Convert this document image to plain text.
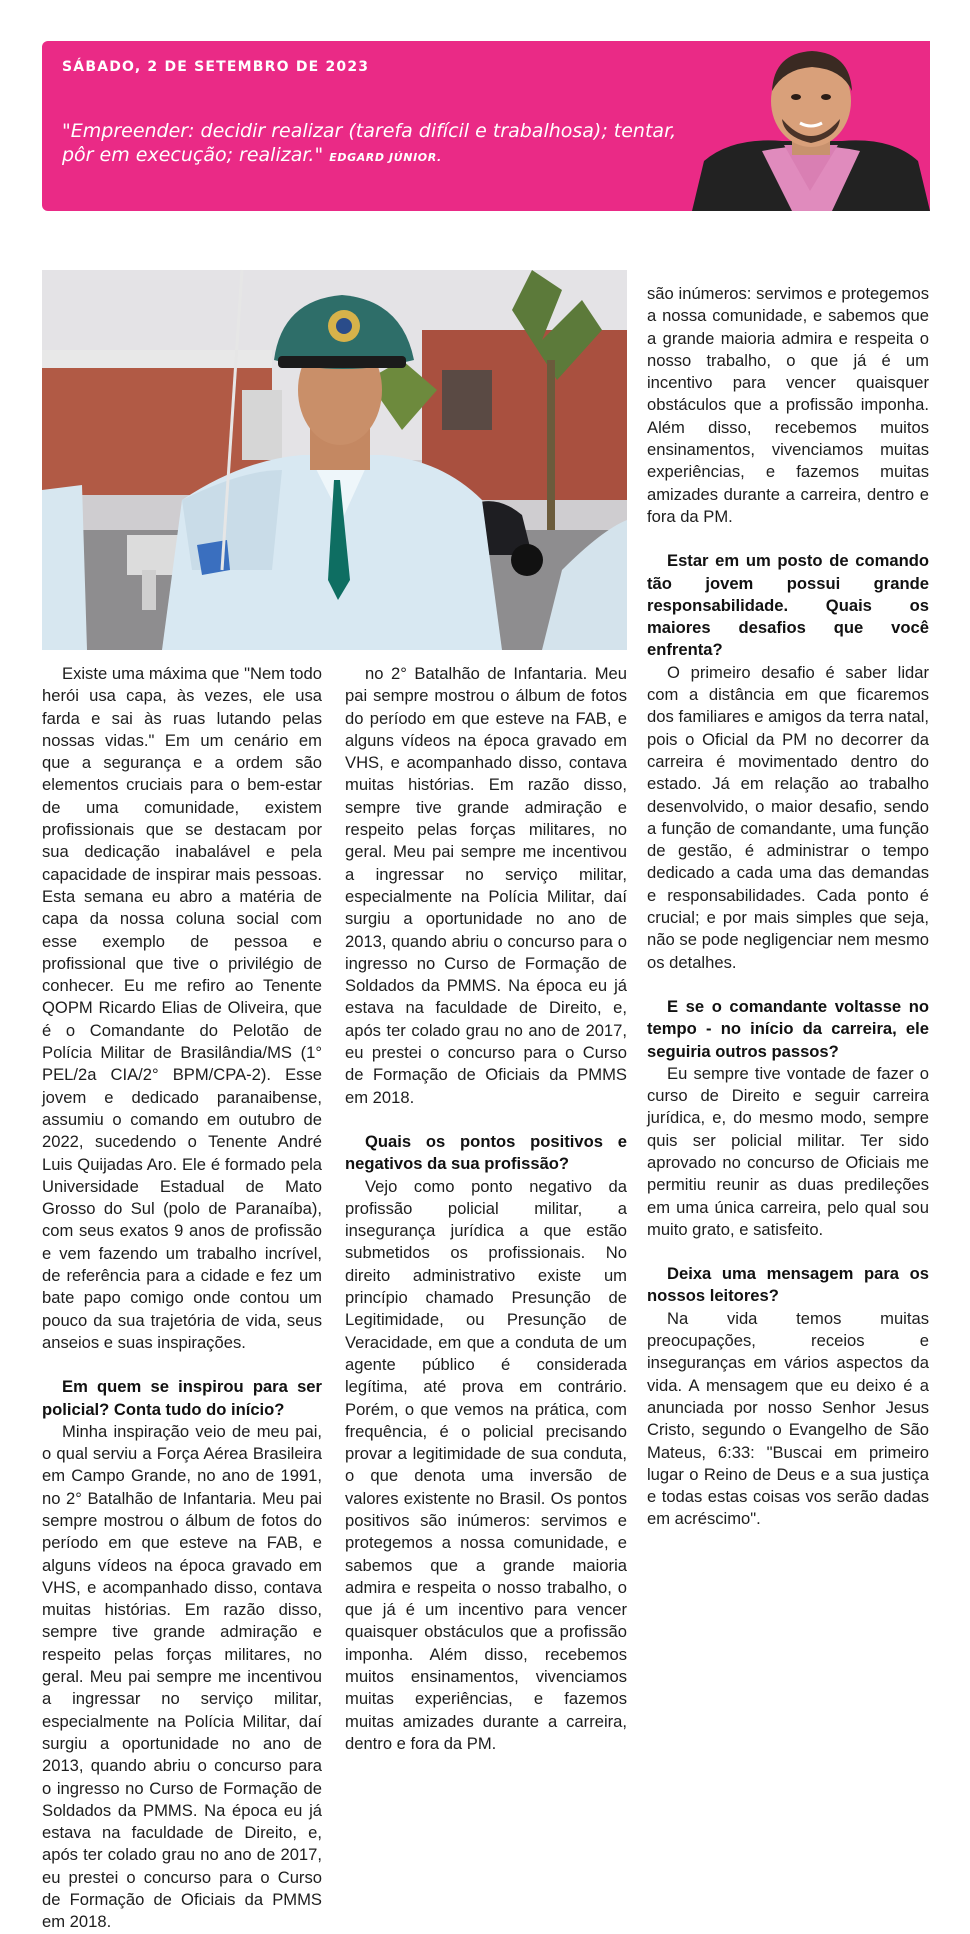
SÁBADO, 2 DE SETEMBRO DE 2023
"Empreender: decidir realizar (tarefa difícil e trabalhosa); tentar, pôr em execução; realizar." EDGARD JÚNIOR.

Existe uma máxima que "Nem todo herói usa capa, às vezes, ele usa farda e sai às ruas lutando pelas nossas vidas." Em um cenário em que a segurança e a ordem são elementos cruciais para o bem-estar de uma comunidade, existem profissionais que se destacam por sua dedicação inabalável e pela capacidade de inspirar mais pessoas. Esta semana eu abro a matéria de capa da nossa coluna social com esse exemplo de pessoa e profissional que tive o privilégio de conhecer. Eu me refiro ao Tenente QOPM Ricardo Elias de Oliveira, que é o Comandante do Pelotão de Polícia Militar de Brasilândia/MS (1° PEL/2a CIA/2° BPM/CPA-2). Esse jovem e dedicado paranaibense, assumiu o comando em outubro de 2022, sucedendo o Tenente André Luis Quijadas Aro. Ele é formado pela Universidade Estadual de Mato Grosso do Sul (polo de Paranaíba), com seus exatos 9 anos de profissão e vem fazendo um trabalho incrível, de referência para a cidade e fez um bate papo comigo onde contou um pouco da sua trajetória de vida, seus anseios e suas inspirações.

Em quem se inspirou para ser policial? Conta tudo do início?

Minha inspiração veio de meu pai, o qual serviu a Força Aérea Brasileira em Campo Grande, no ano de 1991, no 2° Batalhão de Infantaria. Meu pai sempre mostrou o álbum de fotos do período em que esteve na FAB, e alguns vídeos na época gravado em VHS, e acompanhado disso, contava muitas histórias. Em razão disso, sempre tive grande admiração e respeito pelas forças militares, no geral. Meu pai sempre me incentivou a ingressar no serviço militar, especialmente na Polícia Militar, daí surgiu a oportunidade no ano de 2013, quando abriu o concurso para o ingresso no Curso de Formação de Soldados da PMMS. Na época eu já estava na faculdade de Direito, e, após ter colado grau no ano de 2017, eu prestei o concurso para o Curso de Formação de Oficiais da PMMS em 2018.

no 2° Batalhão de Infantaria. Meu pai sempre mostrou o álbum de fotos do período em que esteve na FAB, e alguns vídeos na época gravado em VHS, e acompanhado disso, contava muitas histórias. Em razão disso, sempre tive grande admiração e respeito pelas forças militares, no geral. Meu pai sempre me incentivou a ingressar no serviço militar, especialmente na Polícia Militar, daí surgiu a oportunidade no ano de 2013, quando abriu o concurso para o ingresso no Curso de Formação de Soldados da PMMS. Na época eu já estava na faculdade de Direito, e, após ter colado grau no ano de 2017, eu prestei o concurso para o Curso de Formação de Oficiais da PMMS em 2018.

Quais os pontos positivos e negativos da sua profissão?

Vejo como ponto negativo da profissão policial militar, a insegurança jurídica a que estão submetidos os profissionais. No direito administrativo existe um princípio chamado Presunção de Legitimidade, ou Presunção de Veracidade, em que a conduta de um agente público é considerada legítima, até prova em contrário. Porém, o que vemos na prática, com frequência, é o policial precisando provar a legitimidade de sua conduta, o que denota uma inversão de valores existente no Brasil. Os pontos positivos são inúmeros: servimos e protegemos a nossa comunidade, e sabemos que a grande maioria admira e respeita o nosso trabalho, o que já é um incentivo para vencer quaisquer obstáculos que a profissão imponha. Além disso, recebemos muitos ensinamentos, vivenciamos muitas experiências, e fazemos muitas amizades durante a carreira, dentro e fora da PM.

são inúmeros: servimos e protegemos a nossa comunidade, e sabemos que a grande maioria admira e respeita o nosso trabalho, o que já é um incentivo para vencer quaisquer obstáculos que a profissão imponha. Além disso, recebemos muitos ensinamentos, vivenciamos muitas experiências, e fazemos muitas amizades durante a carreira, dentro e fora da PM.

Estar em um posto de comando tão jovem possui grande responsabilidade. Quais os maiores desafios que você enfrenta?

O primeiro desafio é saber lidar com a distância em que ficaremos dos familiares e amigos da terra natal, pois o Oficial da PM no decorrer da carreira é movimentado dentro do estado. Já em relação ao trabalho desenvolvido, o maior desafio, sendo a função de comandante, uma função de gestão, é administrar o tempo dedicado a cada uma das demandas e responsabilidades. Cada ponto é crucial; e por mais simples que seja, não se pode negligenciar nem mesmo os detalhes.

E se o comandante voltasse no tempo - no início da carreira, ele seguiria outros passos?

Eu sempre tive vontade de fazer o curso de Direito e seguir carreira jurídica, e, do mesmo modo, sempre quis ser policial militar. Ter sido aprovado no concurso de Oficiais me permitiu reunir as duas predileções em uma única carreira, pelo qual sou muito grato, e satisfeito.

Deixa uma mensagem para os nossos leitores?

Na vida temos muitas preocupações, receios e inseguranças em vários aspectos da vida. A mensagem que eu deixo é a anunciada por nosso Senhor Jesus Cristo, segundo o Evangelho de São Mateus, 6:33: "Buscai em primeiro lugar o Reino de Deus e a sua justiça e todas estas coisas vos serão dadas em acréscimo".
